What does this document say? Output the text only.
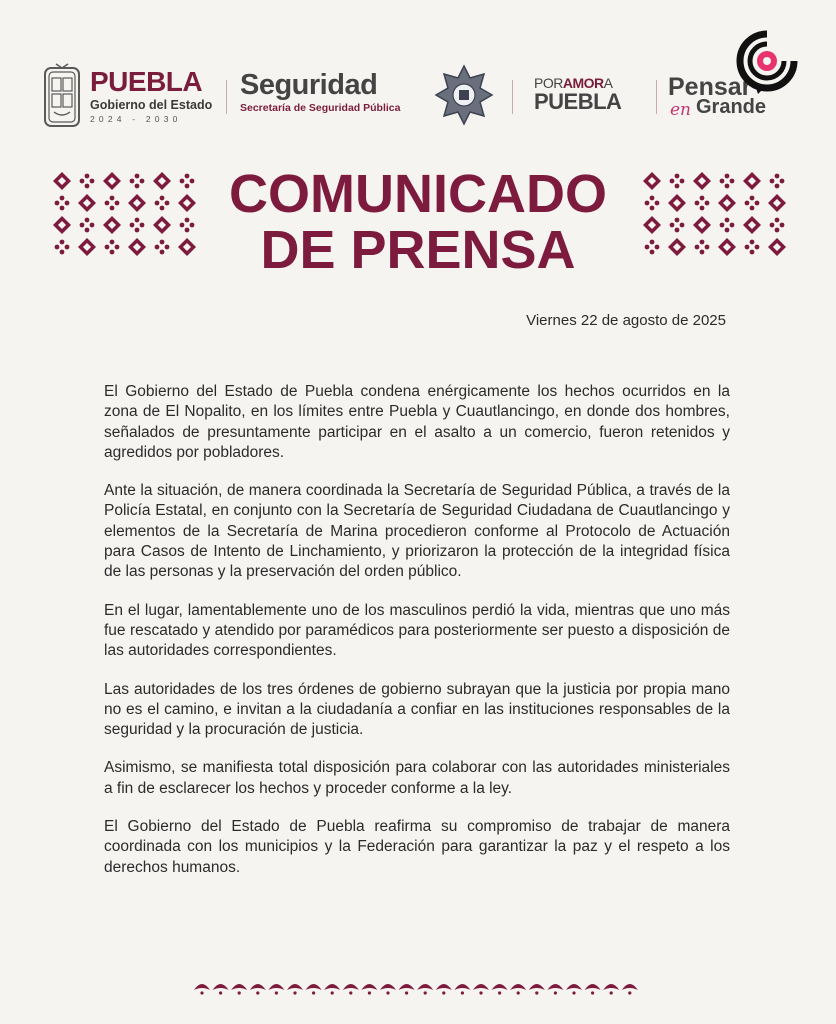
PUEBLA
Gobierno del Estado
2024 - 2030
Seguridad
Secretaría de Seguridad Pública
PORAMORA
PUEBLA
Pensar
en Grande
COMUNICADO
DE PRENSA
Viernes 22 de agosto de 2025

El Gobierno del Estado de Puebla condena enérgicamente los hechos ocurridos en la zona de El Nopalito, en los límites entre Puebla y Cuautlancingo, en donde dos hombres, señalados de presuntamente participar en el asalto a un comercio, fueron retenidos y agredidos por pobladores.

Ante la situación, de manera coordinada la Secretaría de Seguridad Pública, a través de la Policía Estatal, en conjunto con la Secretaría de Seguridad Ciudadana de Cuautlancingo y elementos de la Secretaría de Marina procedieron conforme al Protocolo de Actuación para Casos de Intento de Linchamiento, y priorizaron la protección de la integridad física de las personas y la preservación del orden público.

En el lugar, lamentablemente uno de los masculinos perdió la vida, mientras que uno más fue rescatado y atendido por paramédicos para posteriormente ser puesto a disposición de las autoridades correspondientes.

Las autoridades de los tres órdenes de gobierno subrayan que la justicia por propia mano no es el camino, e invitan a la ciudadanía a confiar en las instituciones responsables de la seguridad y la procuración de justicia.

Asimismo, se manifiesta total disposición para colaborar con las autoridades ministeriales a fin de esclarecer los hechos y proceder conforme a la ley.

El Gobierno del Estado de Puebla reafirma su compromiso de trabajar de manera coordinada con los municipios y la Federación para garantizar la paz y el respeto a los derechos humanos.
